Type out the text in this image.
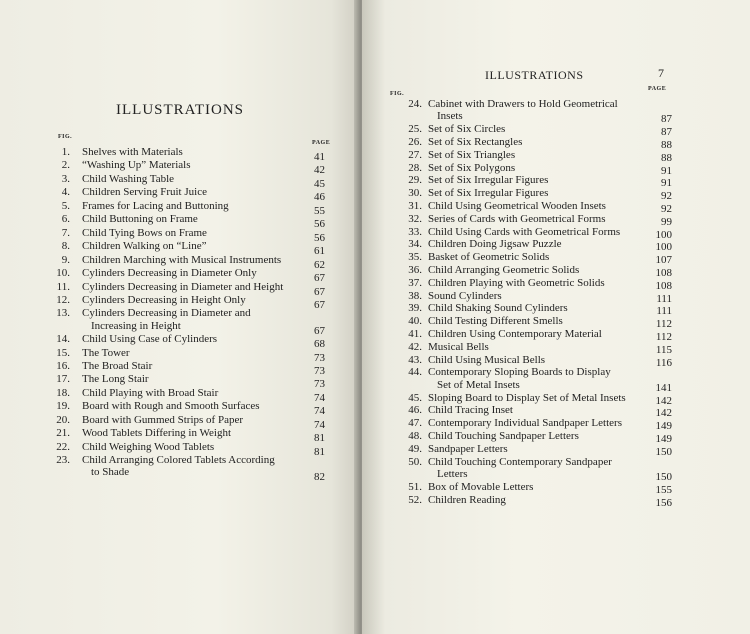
ILLUSTRATIONS
FIG.
PAGE
1. Shelves with Materials	41
2. “Washing Up” Materials	42
3. Child Washing Table	45
4. Children Serving Fruit Juice	46
5. Frames for Lacing and Buttoning	55
6. Child Buttoning on Frame	56
7. Child Tying Bows on Frame	56
8. Children Walking on “Line”	61
9. Children Marching with Musical Instruments	62
10. Cylinders Decreasing in Diameter Only	67
11. Cylinders Decreasing in Diameter and Height	67
12. Cylinders Decreasing in Height Only	67
13. Cylinders Decreasing in Diameter and
Increasing in Height	67
14. Child Using Case of Cylinders	68
15. The Tower	73
16. The Broad Stair	73
17. The Long Stair	73
18. Child Playing with Broad Stair	74
19. Board with Rough and Smooth Surfaces	74
20. Board with Gummed Strips of Paper	74
21. Wood Tablets Differing in Weight	81
22. Child Weighing Wood Tablets	81
23. Child Arranging Colored Tablets According
to Shade	82
ILLUSTRATIONS	7
FIG.
PAGE
24. Cabinet with Drawers to Hold Geometrical
Insets	87
25. Set of Six Circles	87
26. Set of Six Rectangles	88
27. Set of Six Triangles	88
28. Set of Six Polygons	91
29. Set of Six Irregular Figures	91
30. Set of Six Irregular Figures	92
31. Child Using Geometrical Wooden Insets	92
32. Series of Cards with Geometrical Forms	99
33. Child Using Cards with Geometrical Forms	100
34. Children Doing Jigsaw Puzzle	100
35. Basket of Geometric Solids	107
36. Child Arranging Geometric Solids	108
37. Children Playing with Geometric Solids	108
38. Sound Cylinders	111
39. Child Shaking Sound Cylinders	111
40. Child Testing Different Smells	112
41. Children Using Contemporary Material	112
42. Musical Bells	115
43. Child Using Musical Bells	116
44. Contemporary Sloping Boards to Display
Set of Metal Insets	141
45. Sloping Board to Display Set of Metal Insets	142
46. Child Tracing Inset	142
47. Contemporary Individual Sandpaper Letters	149
48. Child Touching Sandpaper Letters	149
49. Sandpaper Letters	150
50. Child Touching Contemporary Sandpaper
Letters	150
51. Box of Movable Letters	155
52. Children Reading	156
